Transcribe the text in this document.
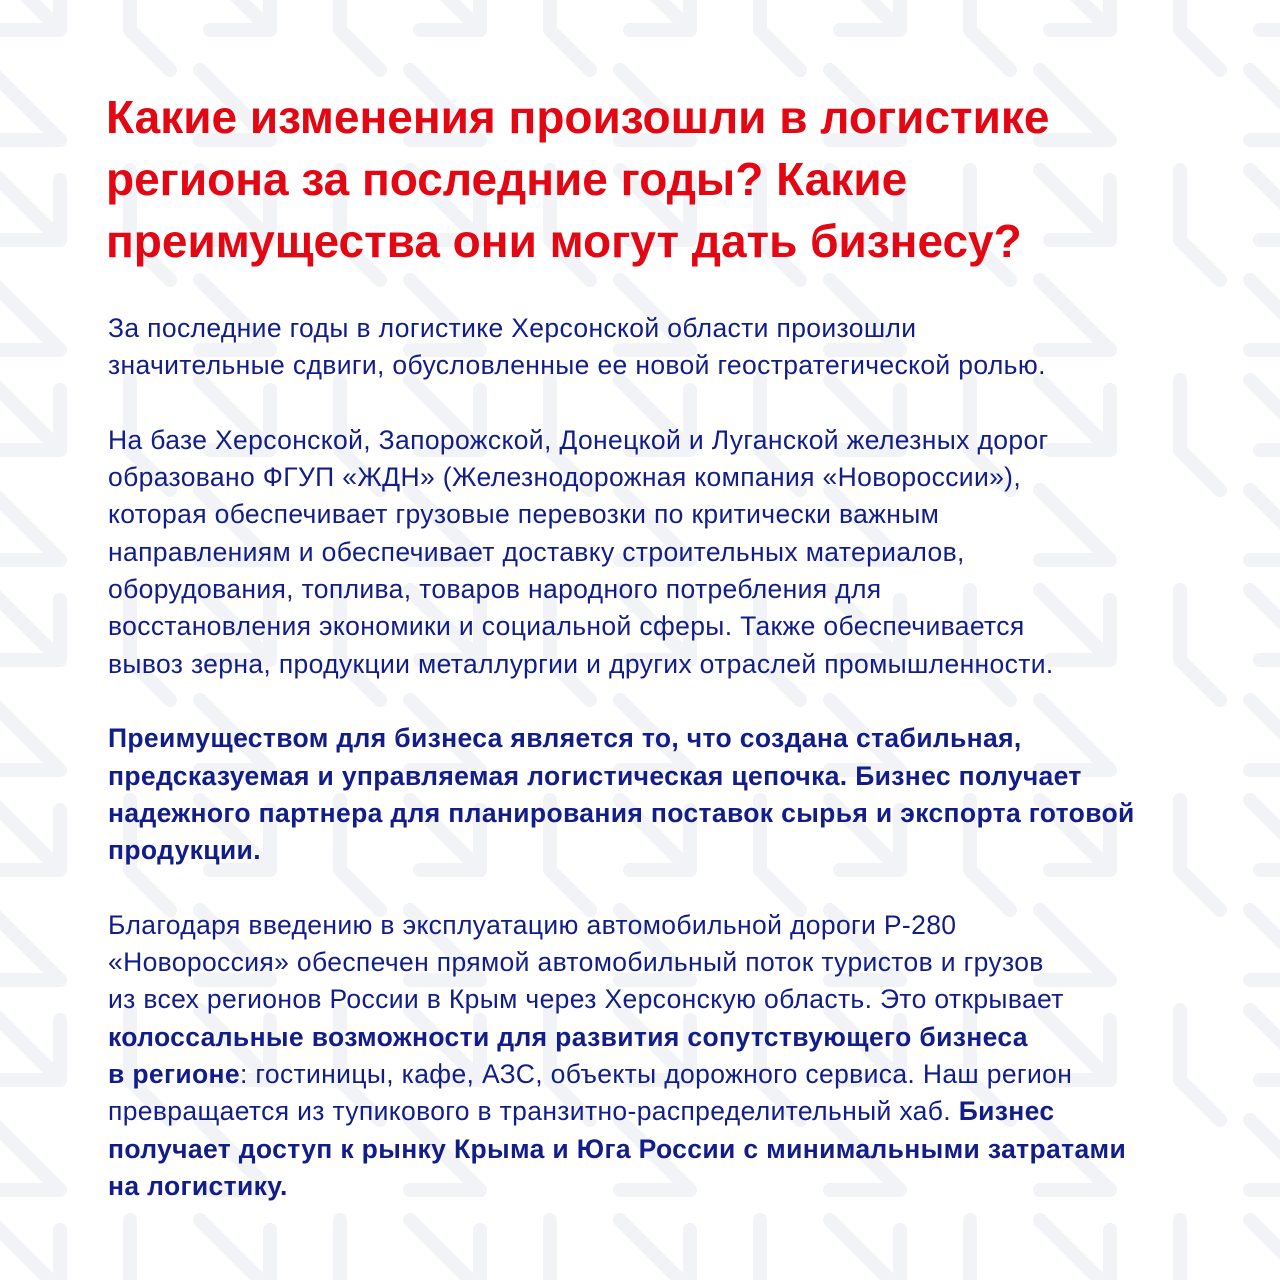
Какие изменения произошли в логистике
региона за последние годы? Какие
преимущества они могут дать бизнесу?
За последние годы в логистике Херсонской области произошли
значительные сдвиги, обусловленные ее новой геостратегической ролью.
На базе Херсонской, Запорожской, Донецкой и Луганской железных дорог
образовано ФГУП «ЖДН» (Железнодорожная компания «Новороссии»),
которая обеспечивает грузовые перевозки по критически важным
направлениям и обеспечивает доставку строительных материалов,
оборудования, топлива, товаров народного потребления для
восстановления экономики и социальной сферы. Также обеспечивается
вывоз зерна, продукции металлургии и других отраслей промышленности.
Преимуществом для бизнеса является то, что создана стабильная,
предсказуемая и управляемая логистическая цепочка. Бизнес получает
надежного партнера для планирования поставок сырья и экспорта готовой
продукции.
Благодаря введению в эксплуатацию автомобильной дороги Р-280
«Новороссия» обеспечен прямой автомобильный поток туристов и грузов
из всех регионов России в Крым через Херсонскую область. Это открывает
колоссальные возможности для развития сопутствующего бизнеса
в регионе: гостиницы, кафе, АЗС, объекты дорожного сервиса. Наш регион
превращается из тупикового в транзитно-распределительный хаб. Бизнес
получает доступ к рынку Крыма и Юга России с минимальными затратами
на логистику.
